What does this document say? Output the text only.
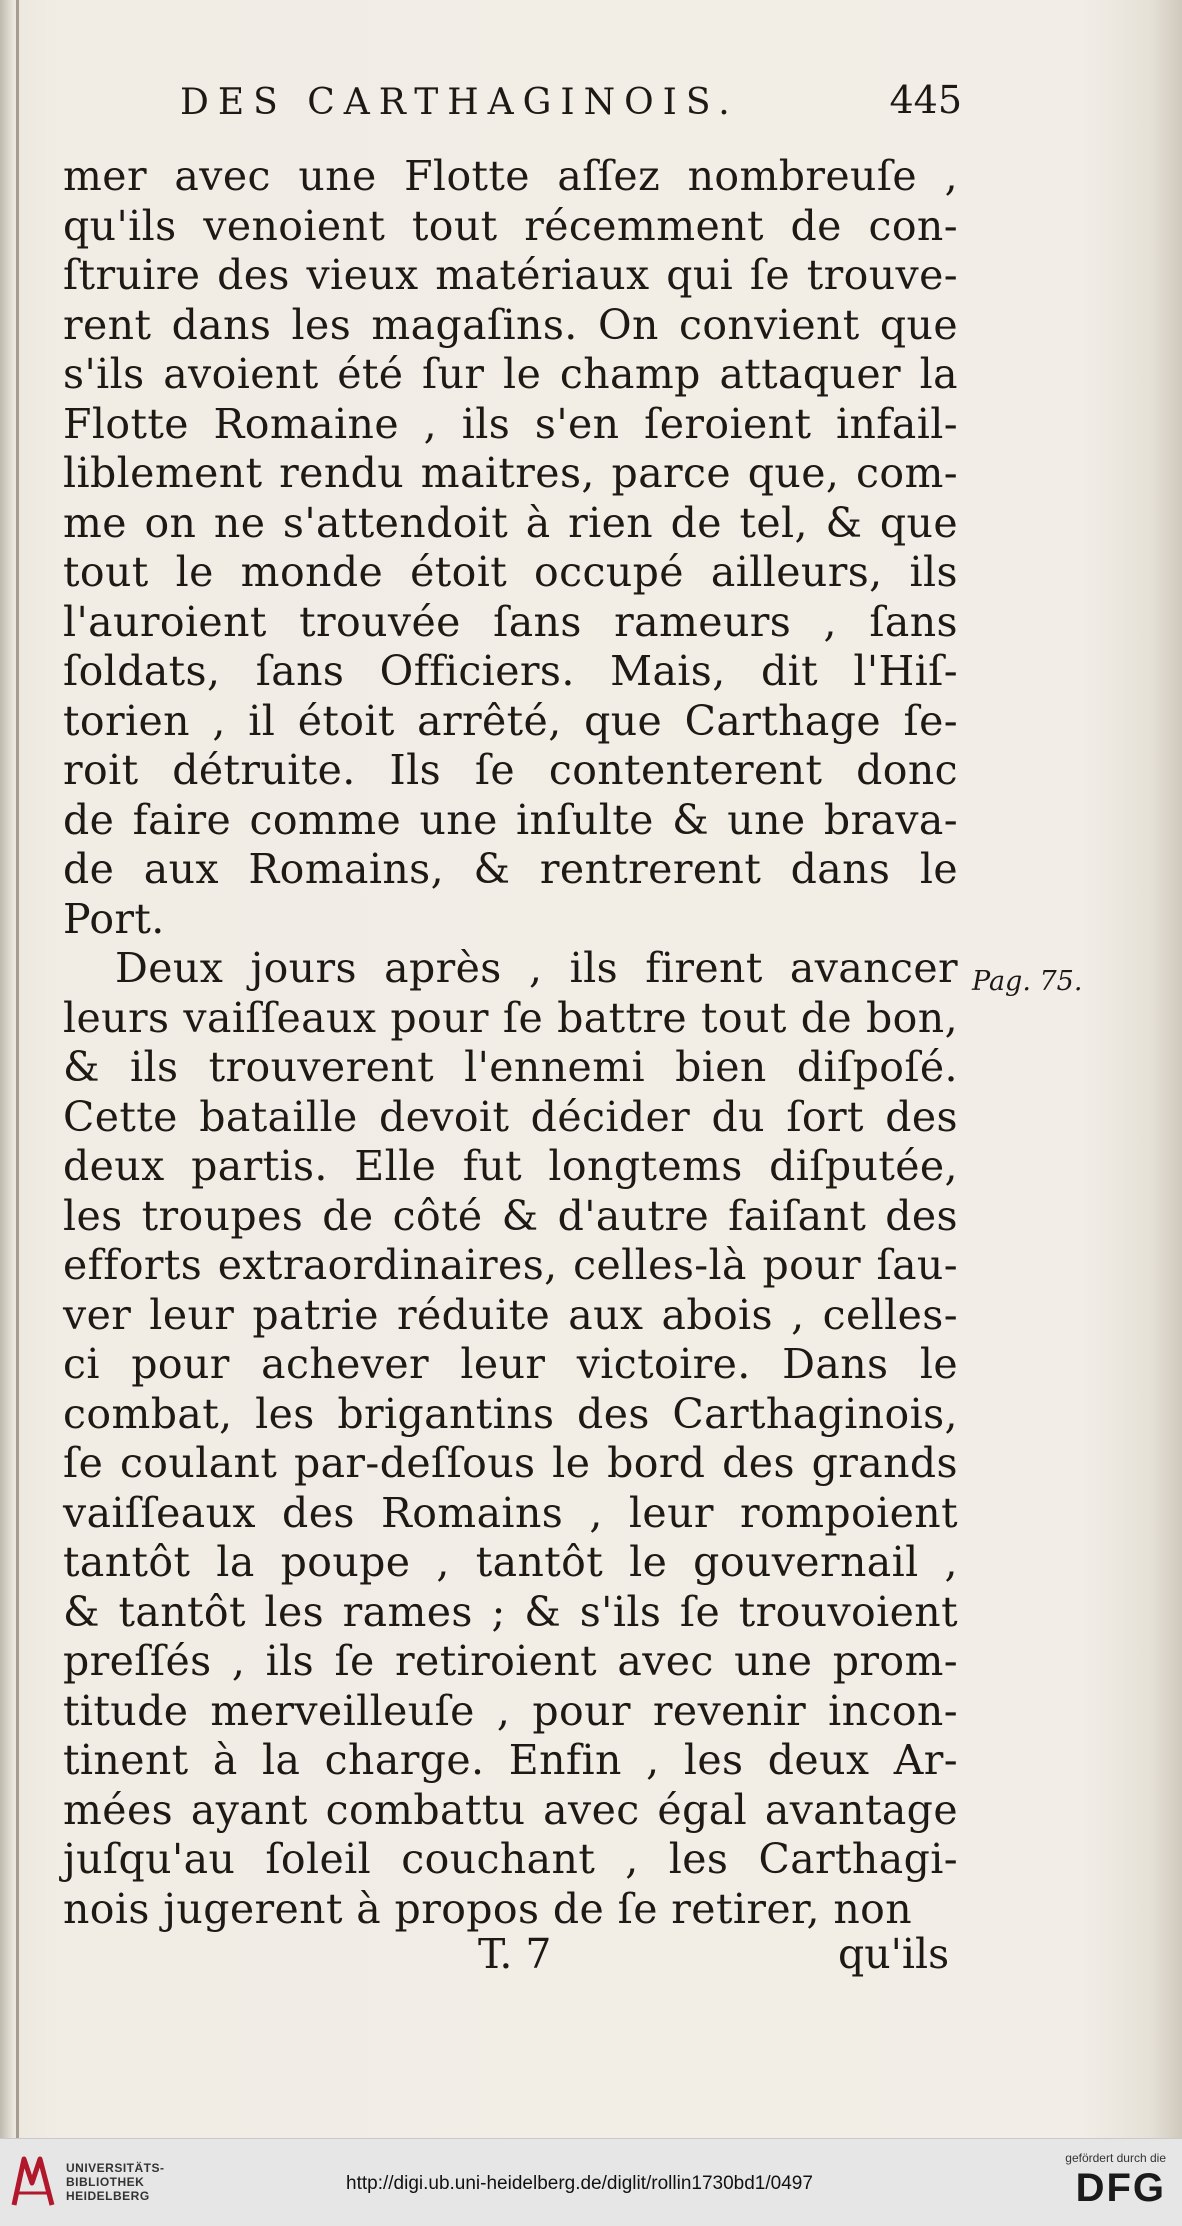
DES CARTHAGINOIS.	445
mer avec une Flotte aſſez nombreuſe ,
qu'ils venoient tout récemment de con-
ſtruire des vieux matériaux qui ſe trouve-
rent dans les magaſins. On convient que
s'ils avoient été ſur le champ attaquer la
Flotte Romaine , ils s'en ſeroient infail-
liblement rendu maitres, parce que, com-
me on ne s'attendoit à rien de tel, & que
tout le monde étoit occupé ailleurs, ils
l'auroient trouvée ſans rameurs , ſans
ſoldats, ſans Officiers. Mais, dit l'Hiſ-
torien , il étoit arrêté, que Carthage ſe-
roit détruite. Ils ſe contenterent donc
de faire comme une inſulte & une brava-
de aux Romains, & rentrerent dans le
Port.
Deux jours après , ils firent avancer
leurs vaiſſeaux pour ſe battre tout de bon,
& ils trouverent l'ennemi bien diſpoſé.
Cette bataille devoit décider du ſort des
deux partis. Elle fut longtems diſputée,
les troupes de côté & d'autre faiſant des
efforts extraordinaires, celles-là pour ſau-
ver leur patrie réduite aux abois , celles-
ci pour achever leur victoire. Dans le
combat, les brigantins des Carthaginois,
ſe coulant par-deſſous le bord des grands
vaiſſeaux des Romains , leur rompoient
tantôt la poupe , tantôt le gouvernail ,
& tantôt les rames ; & s'ils ſe trouvoient
preſſés , ils ſe retiroient avec une prom-
titude merveilleuſe , pour revenir incon-
tinent à la charge. Enfin , les deux Ar-
mées ayant combattu avec égal avantage
juſqu'au ſoleil couchant , les Carthagi-
nois jugerent à propos de ſe retirer, non
Pag. 75.
T. 7	qu'ils
UNIVERSITÄTS-
BIBLIOTHEK
HEIDELBERG
http://digi.ub.uni-heidelberg.de/diglit/rollin1730bd1/0497
gefördert durch die
DFG
